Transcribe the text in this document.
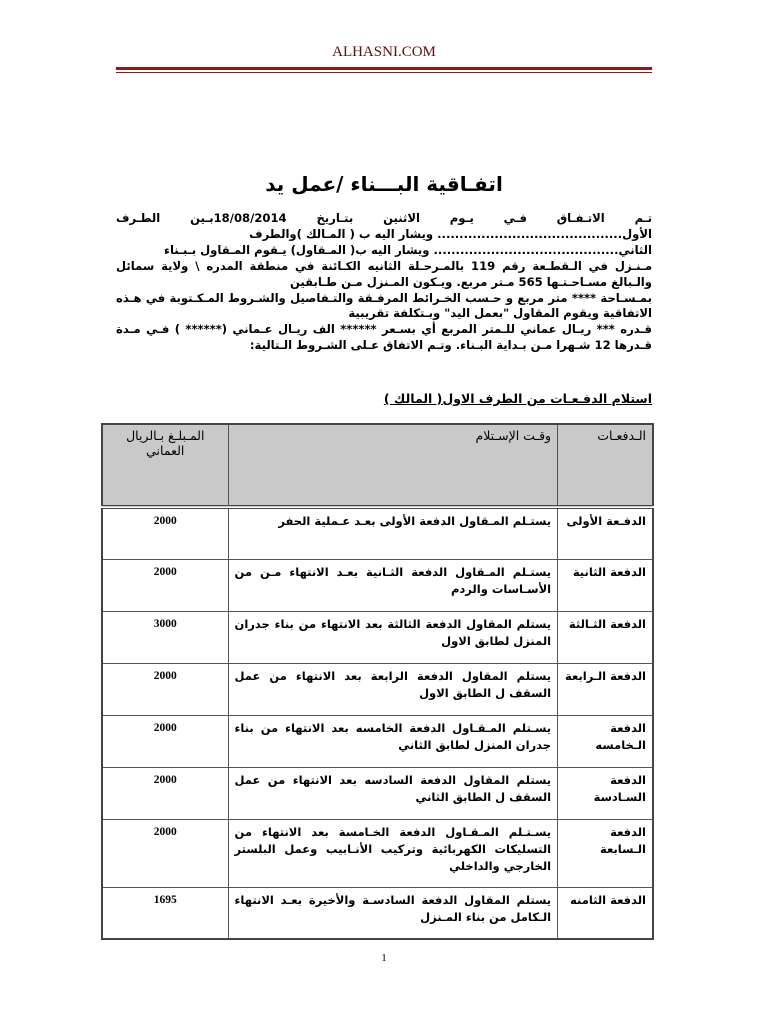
ALHASNI.COM
اتفـاقية البـــناء /عمل يد

تـم الاتـفـاق فـي يـوم الاثنين بتـاريخ 18/08/2014بـين الطـرف الأول.......................................... ويشار اليه ب ( المـالك )والطرف

الثاني.......................................... ويشار اليه ب( المـقاول) يـقوم المـقاول بـبـناء

مـنـزل في الـقطـعة رقم 119 بالمـرحـلة الثانيه الكـائنة في منطقة المدره \ ولاية سمائل والـبالغ مسـاحـتـها 565 مـتر مربع. ويـكون المـنزل مـن طـابقين

بمـسـاحة **** متر مربع و حـسب الخـرائط المرفـقة والتـفاصيل والشـروط المـكـتوبة في هـذه الاتفاقية ويقوم المقاول "بعمل اليد" وبـتكلفة تقريبية

قـدره *** ريـال عماني للـمتر المربع أي بسـعر ****** الف ريـال عـماني (****** ) فـي مـدة قـدرها 12 شـهرا مـن بـداية البـناء. وتـم الاتفاق عـلى الشـروط الـتالية:

استلام الدفـعـات من الطرف الاول( المالك )
الـدفعـات	وقـت الإسـتلام	المـبلـغ بـالريال العماني
الدفـعة الأولى	يستـلم المـقاول الدفعة الأولى بعـد عـملية الحفر	2000
الدفعة الثانية	يستـلم المـقاول الدفعة الثـانية بعـد الانتهاء مـن من الأسـاسات والردم	2000
الدفعة الثـالثة	يستلم المقاول الدفعة الثالثة بعد الانتهاء من بناء جدران المنزل لطابق الاول	3000
الدفعة الـرابعة	يستلم المقاول الدفعة الرابعة بعد الانتهاء من عمل السقف ل الطابق الاول	2000
الدفعة الـخامسه	يسـتلم المـقـاول الدفعة الخامسه بعد الانتهاء من بناء جدران المنزل لطابق الثاني	2000
الدفعة السـادسة	يستلم المقاول الدفعة السادسه بعد الانتهاء من عمل السقف ل الطابق الثاني	2000
الدفعة الـسابعة	يسـتـلم المـقـاول الدفعة الخـامسة بعد الانتهاء من التسليكات الكهربائية وتركيب الأنـابيب وعمل البلستر الخارجي والداخلي	2000
الدفعة الثامنه	يستلم المقاول الدفعة السادسـة والأخيرة بعـد الانتهاء الـكامل من بناء المـنزل	1695
1
